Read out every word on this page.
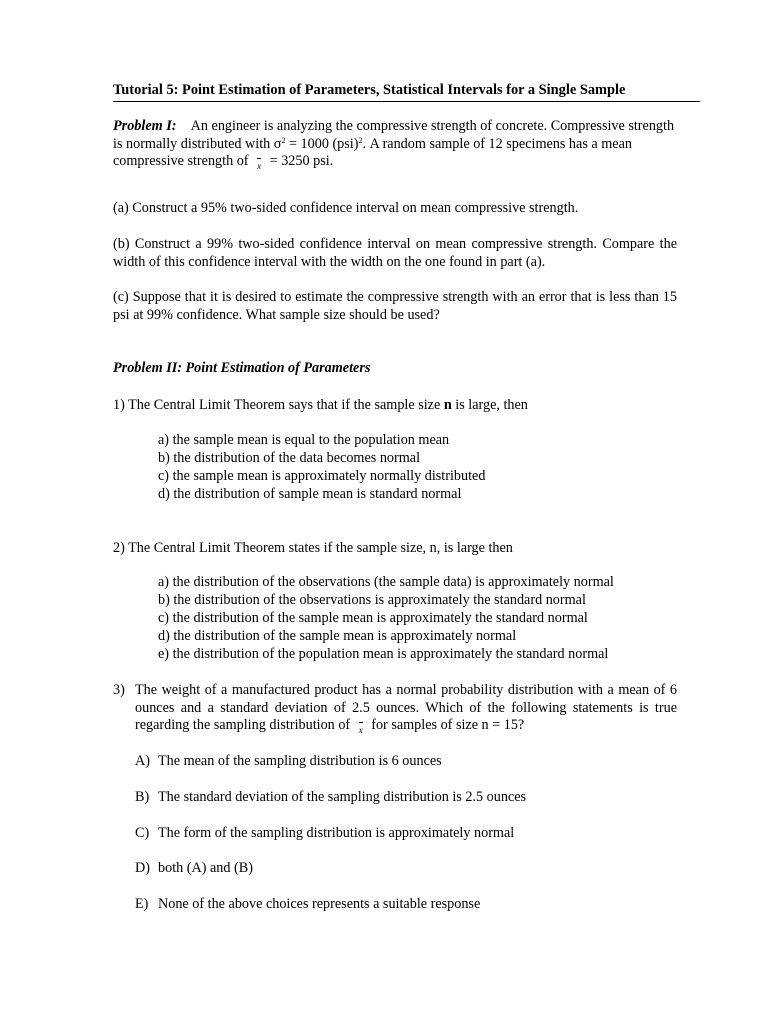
Tutorial 5: Point Estimation of Parameters, Statistical Intervals for a Single Sample

Problem I: An engineer is analyzing the compressive strength of concrete. Compressive strength is normally distributed with $\sigma^2 = 1000$ (psi)$^2$. A random sample of 12 specimens has a mean compressive strength of x = 3250 psi.

(a) Construct a 95% two-sided confidence interval on mean compressive strength.

(b) Construct a 99% two-sided confidence interval on mean compressive strength. Compare the width of this confidence interval with the width on the one found in part (a).

(c) Suppose that it is desired to estimate the compressive strength with an error that is less than 15 psi at 99% confidence. What sample size should be used?

Problem II: Point Estimation of Parameters

1) The Central Limit Theorem says that if the sample size n is large, then

a) the sample mean is equal to the population mean
b) the distribution of the data becomes normal
c) the sample mean is approximately normally distributed
d) the distribution of sample mean is standard normal

2) The Central Limit Theorem states if the sample size, n, is large then

a) the distribution of the observations (the sample data) is approximately normal
b) the distribution of the observations is approximately the standard normal
c) the distribution of the sample mean is approximately the standard normal
d) the distribution of the sample mean is approximately normal
e) the distribution of the population mean is approximately the standard normal
3) The weight of a manufactured product has a normal probability distribution with a mean of 6 ounces and a standard deviation of 2.5 ounces. Which of the following statements is true regarding the sampling distribution of x for samples of size n = 15?
A) The mean of the sampling distribution is 6 ounces
B) The standard deviation of the sampling distribution is 2.5 ounces
C) The form of the sampling distribution is approximately normal
D) both (A) and (B)
E) None of the above choices represents a suitable response
